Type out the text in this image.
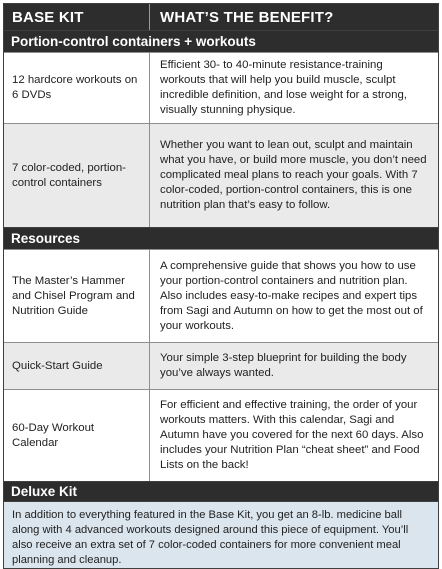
BASE KIT	WHAT’S THE BENEFIT?
Portion-control containers + workouts
12 hardcore workouts on 6 DVDs
Efficient 30- to 40-minute resistance-training workouts that will help you build muscle, sculpt incredible definition, and lose weight for a strong, visually stunning physique.
7 color-coded, portion-control containers
Whether you want to lean out, sculpt and maintain what you have, or build more muscle, you don’t need complicated meal plans to reach your goals. With 7 color-coded, portion-control containers, this is one nutrition plan that’s easy to follow.
Resources
The Master’s Hammer and Chisel Program and Nutrition Guide
A comprehensive guide that shows you how to use your portion-control containers and nutrition plan. Also includes easy-to-make recipes and expert tips from Sagi and Autumn on how to get the most out of your workouts.
Quick-Start Guide
Your simple 3-step blueprint for building the body you’ve always wanted.
60-Day Workout Calendar
For efficient and effective training, the order of your workouts matters. With this calendar, Sagi and Autumn have you covered for the next 60 days. Also includes your Nutrition Plan “cheat sheet” and Food Lists on the back!
Deluxe Kit
In addition to everything featured in the Base Kit, you get an 8-lb. medicine ball along with 4 advanced workouts designed around this piece of equipment. You’ll also receive an extra set of 7 color-coded containers for more convenient meal planning and cleanup.
